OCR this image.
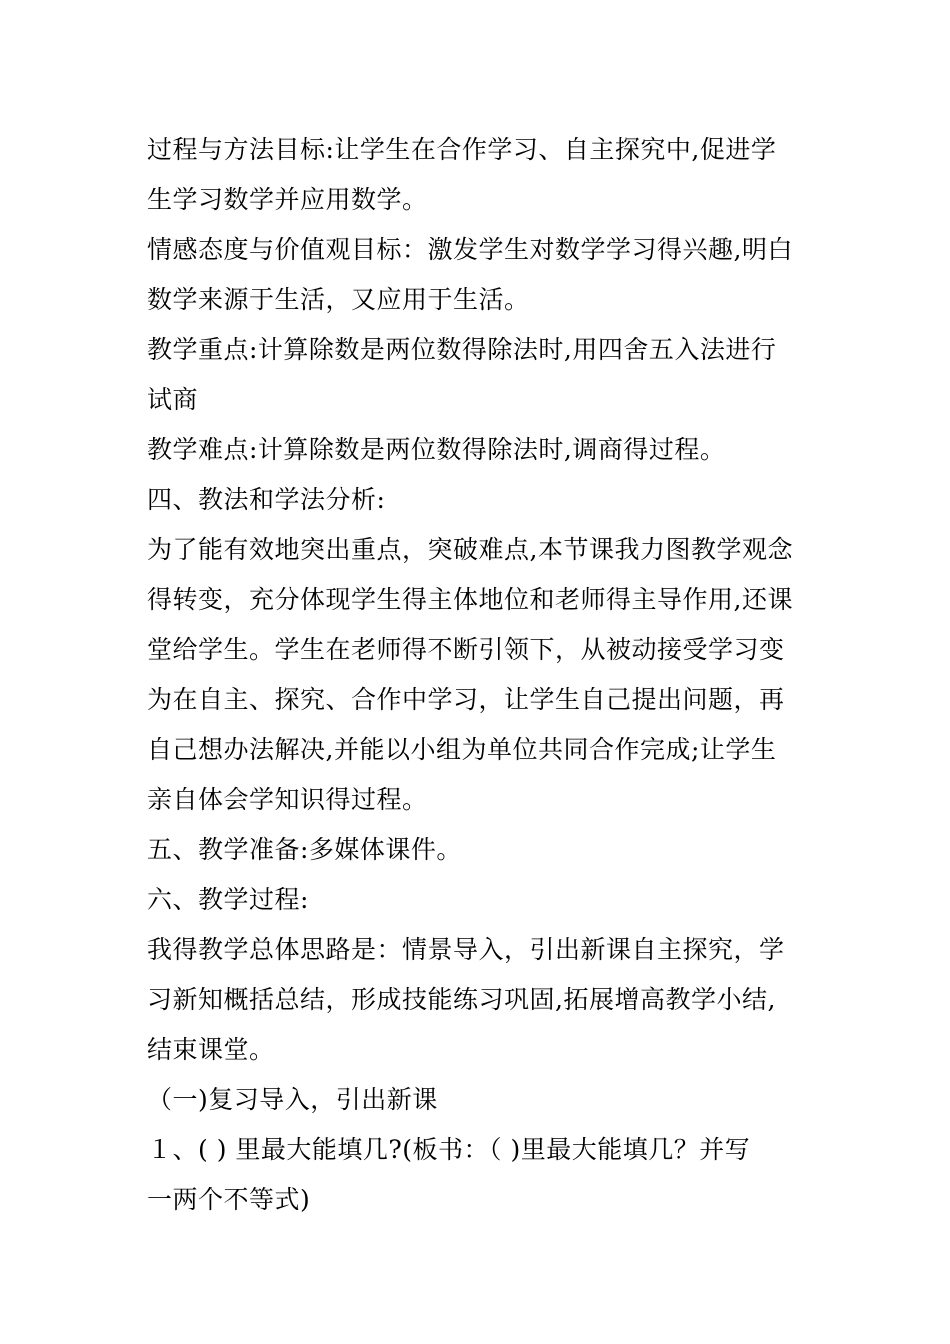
过程与方法目标:让学生在合作学习、自主探究中,促进学
生学习数学并应用数学。
情感态度与价值观目标：激发学生对数学学习得兴趣,明白
数学来源于生活，又应用于生活。
教学重点:计算除数是两位数得除法时,用四舍五入法进行
试商
教学难点:计算除数是两位数得除法时,调商得过程。
四、教法和学法分析:
为了能有效地突出重点，突破难点,本节课我力图教学观念
得转变，充分体现学生得主体地位和老师得主导作用,还课
堂给学生。学生在老师得不断引领下，从被动接受学习变
为在自主、探究、合作中学习，让学生自己提出问题，再
自己想办法解决,并能以小组为单位共同合作完成;让学生
亲自体会学知识得过程。
五、教学准备:多媒体课件。
六、教学过程:
我得教学总体思路是：情景导入，引出新课自主探究，学
习新知概括总结，形成技能练习巩固,拓展增高教学小结,
结束课堂。
（一)复习导入，引出新课
１、( ) 里最大能填几?(板书：（ )里最大能填几？并写
一两个不等式)
